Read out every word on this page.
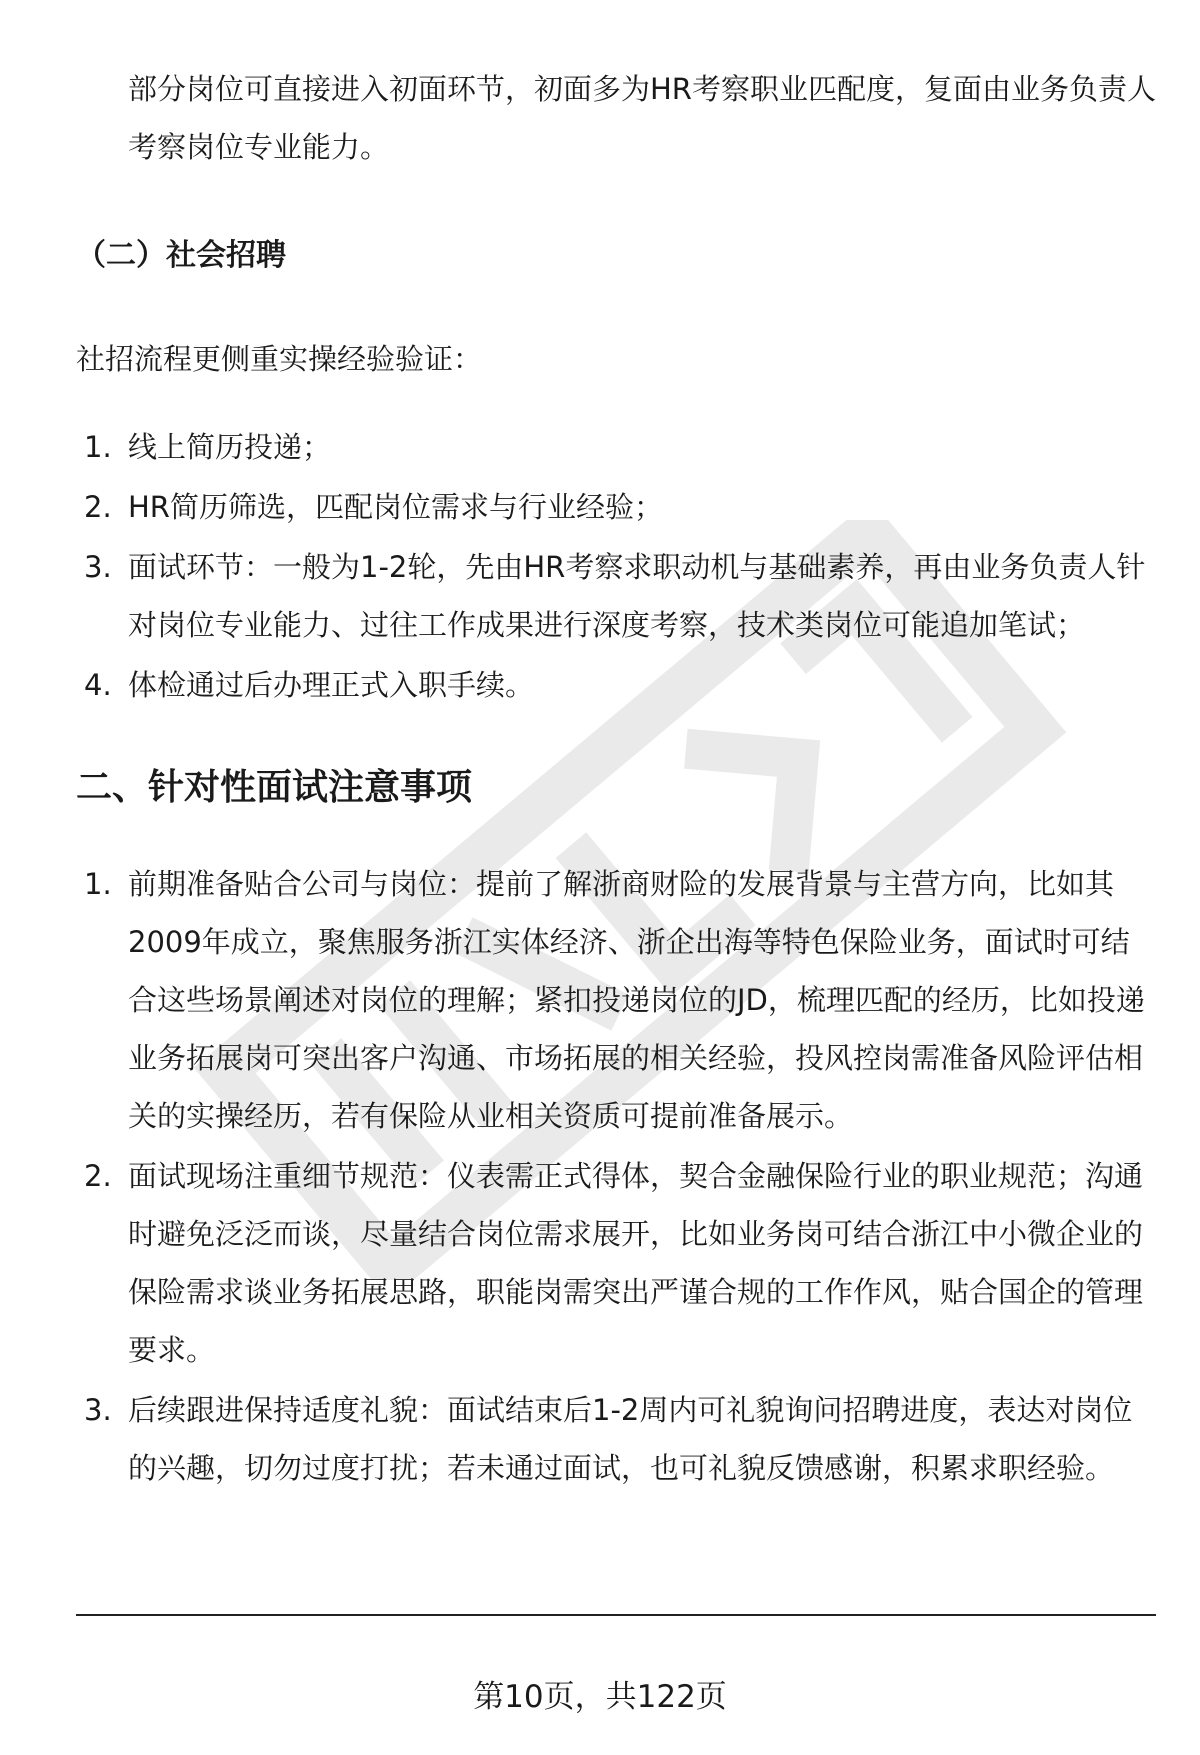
部分岗位可直接进入初面环节，初面多为HR考察职业匹配度，复面由业务负责人考察岗位专业能力。

（二）社会招聘

社招流程更侧重实操经验验证：

1. 线上简历投递；
2. HR简历筛选，匹配岗位需求与行业经验；
3. 面试环节：一般为1-2轮，先由HR考察求职动机与基础素养，再由业务负责人针对岗位专业能力、过往工作成果进行深度考察，技术类岗位可能追加笔试；
4. 体检通过后办理正式入职手续。
二、针对性面试注意事项
1. 前期准备贴合公司与岗位：提前了解浙商财险的发展背景与主营方向，比如其2009年成立，聚焦服务浙江实体经济、浙企出海等特色保险业务，面试时可结合这些场景阐述对岗位的理解；紧扣投递岗位的JD，梳理匹配的经历，比如投递业务拓展岗可突出客户沟通、市场拓展的相关经验，投风控岗需准备风险评估相关的实操经历，若有保险从业相关资质可提前准备展示。
2. 面试现场注重细节规范：仪表需正式得体，契合金融保险行业的职业规范；沟通时避免泛泛而谈，尽量结合岗位需求展开，比如业务岗可结合浙江中小微企业的保险需求谈业务拓展思路，职能岗需突出严谨合规的工作作风，贴合国企的管理要求。
3. 后续跟进保持适度礼貌：面试结束后1-2周内可礼貌询问招聘进度，表达对岗位的兴趣，切勿过度打扰；若未通过面试，也可礼貌反馈感谢，积累求职经验。
第10页，共122页
